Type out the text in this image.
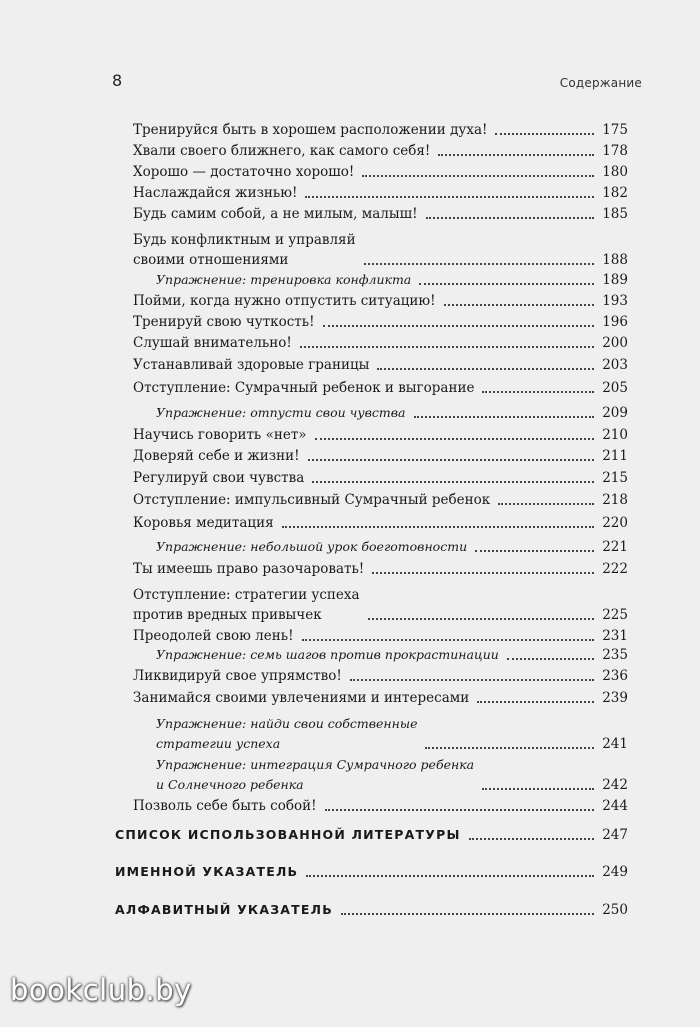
8	Содержание
Тренируйся быть в хорошем расположении духа!	175
Хвали своего ближнего, как самого себя!	178
Хорошо — достаточно хорошо!	180
Наслаждайся жизнью!	182
Будь самим собой, а не милым, малыш!	185
Будь конфликтным и управляй
своими отношениями	188
Упражнение: тренировка конфликта	189
Пойми, когда нужно отпустить ситуацию!	193
Тренируй свою чуткость!	196
Слушай внимательно!	200
Устанавливай здоровые границы	203
Отступление: Сумрачный ребенок и выгорание	205
Упражнение: отпусти свои чувства	209
Научись говорить «нет»	210
Доверяй себе и жизни!	211
Регулируй свои чувства	215
Отступление: импульсивный Сумрачный ребенок	218
Коровья медитация	220
Упражнение: небольшой урок боеготовности	221
Ты имеешь право разочаровать!	222
Отступление: стратегии успеха
против вредных привычек	225
Преодолей свою лень!	231
Упражнение: семь шагов против прокрастинации	235
Ликвидируй свое упрямство!	236
Занимайся своими увлечениями и интересами	239
Упражнение: найди свои собственные
стратегии успеха	241
Упражнение: интеграция Сумрачного ребенка
и Солнечного ребенка	242
Позволь себе быть собой!	244
СПИСОК ИСПОЛЬЗОВАННОЙ ЛИТЕРАТУРЫ	247
ИМЕННОЙ УКАЗАТЕЛЬ	249
АЛФАВИТНЫЙ УКАЗАТЕЛЬ	250
bookclub.by
